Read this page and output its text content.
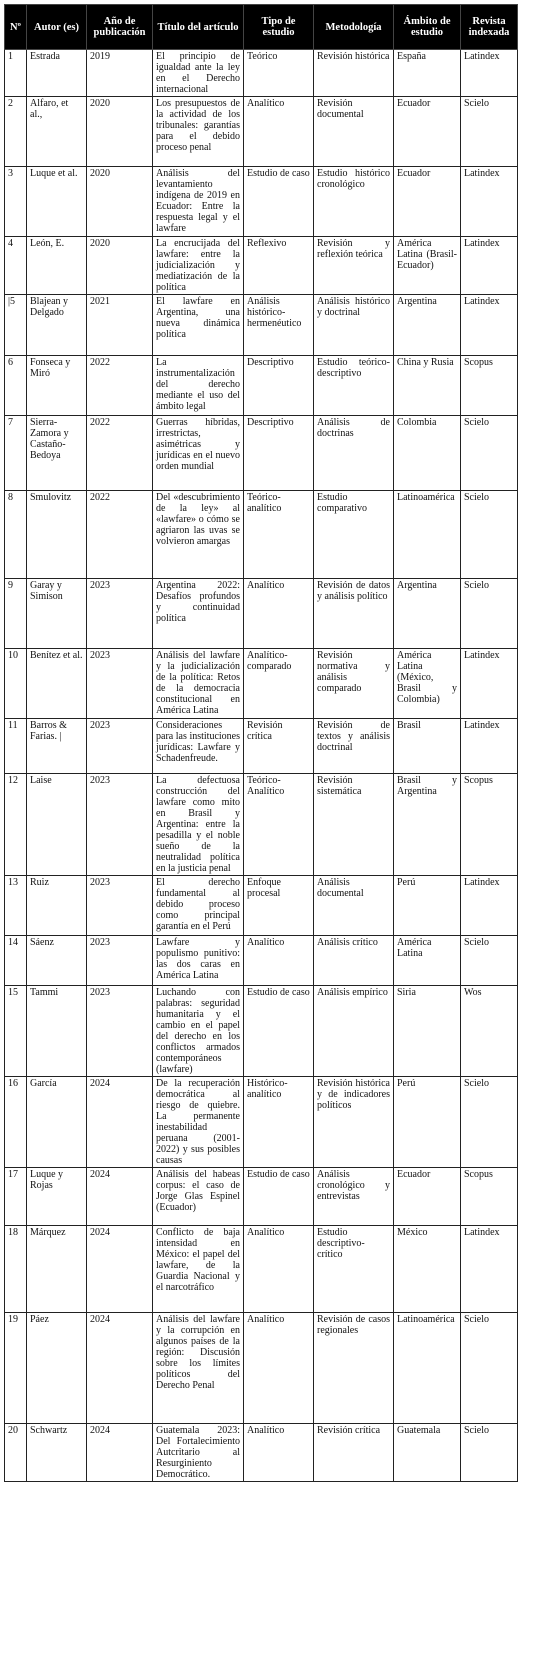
Nº	Autor (es)	Año de publicación	Título del artículo	Tipo de estudio	Metodología	Ámbito de estudio	Revista indexada
1	Estrada	2019	El principio de igualdad ante la ley en el Derecho internacional	Teórico	Revisión histórica	España	Latindex
2	Alfaro, et al.,	2020	Los presupuestos de la actividad de los tribunales: garantías para el debido proceso penal	Analítico	Revisión documental	Ecuador	Scielo
3	Luque et al.	2020	Análisis del levantamiento indígena de 2019 en Ecuador: Entre la respuesta legal y el lawfare	Estudio de caso	Estudio histórico cronológico	Ecuador	Latindex
4	León, E.	2020	La encrucijada del lawfare: entre la judicialización y mediatización de la política	Reflexivo	Revisión y reflexión teórica	América Latina (Brasil-Ecuador)	Latindex
|5	Blajean y Delgado	2021	El lawfare en Argentina, una nueva dinámica política	Análisis histórico-hermenéutico	Análisis histórico y doctrinal	Argentina	Latindex
6	Fonseca y Miró	2022	La instrumentalización del derecho mediante el uso del ámbito legal	Descriptivo	Estudio teórico-descriptivo	China y Rusia	Scopus
7	Sierra-Zamora y Castaño-Bedoya	2022	Guerras híbridas, irrestrictas, asimétricas y jurídicas en el nuevo orden mundial	Descriptivo	Análisis de doctrinas	Colombia	Scielo
8	Smulovitz	2022	Del «descubrimiento de la ley» al «lawfare» o cómo se agriaron las uvas se volvieron amargas	Teórico-analítico	Estudio comparativo	Latinoamérica	Scielo
9	Garay y Simison	2023	Argentina 2022: Desafíos profundos y continuidad política	Analítico	Revisión de datos y análisis político	Argentina	Scielo
10	Benítez et al.	2023	Análisis del lawfare y la judicialización de la política: Retos de la democracia constitucional en América Latina	Analítico-comparado	Revisión normativa y análisis comparado	América Latina (México, Brasil y Colombia)	Latindex
11	Barros & Farias. |	2023	Consideraciones para las instituciones jurídicas: Lawfare y Schadenfreude.	Revisión crítica	Revisión de textos y análisis doctrinal	Brasil	Latindex
12	Laise	2023	La defectuosa construcción del lawfare como mito en Brasil y Argentina: entre la pesadilla y el noble sueño de la neutralidad política en la justicia penal	Teórico-Analítico	Revisión sistemática	Brasil y Argentina	Scopus
13	Ruiz	2023	El derecho fundamental al debido proceso como principal garantía en el Perú	Enfoque procesal	Análisis documental	Perú	Latindex
14	Sáenz	2023	Lawfare y populismo punitivo: las dos caras en América Latina	Analítico	Análisis crítico	América Latina	Scielo
15	Tammi	2023	Luchando con palabras: seguridad humanitaria y el cambio en el papel del derecho en los conflictos armados contemporáneos (lawfare)	Estudio de caso	Análisis empírico	Siria	Wos
16	García	2024	De la recuperación democrática al riesgo de quiebre. La permanente inestabilidad peruana (2001-2022) y sus posibles causas	Histórico-analítico	Revisión histórica y de indicadores políticos	Perú	Scielo
17	Luque y Rojas	2024	Análisis del habeas corpus: el caso de Jorge Glas Espinel (Ecuador)	Estudio de caso	Análisis cronológico y entrevistas	Ecuador	Scopus
18	Márquez	2024	Conflicto de baja intensidad en México: el papel del lawfare, de la Guardia Nacional y el narcotráfico	Analítico	Estudio descriptivo-crítico	México	Latindex
19	Páez	2024	Análisis del lawfare y la corrupción en algunos países de la región: Discusión sobre los límites políticos del Derecho Penal	Analítico	Revisión de casos regionales	Latinoamérica	Scielo
20	Schwartz	2024	Guatemala 2023: Del Fortalecimiento Autcritario al Resurginiento Democrático.	Analítico	Revisión crítica	Guatemala	Scielo
